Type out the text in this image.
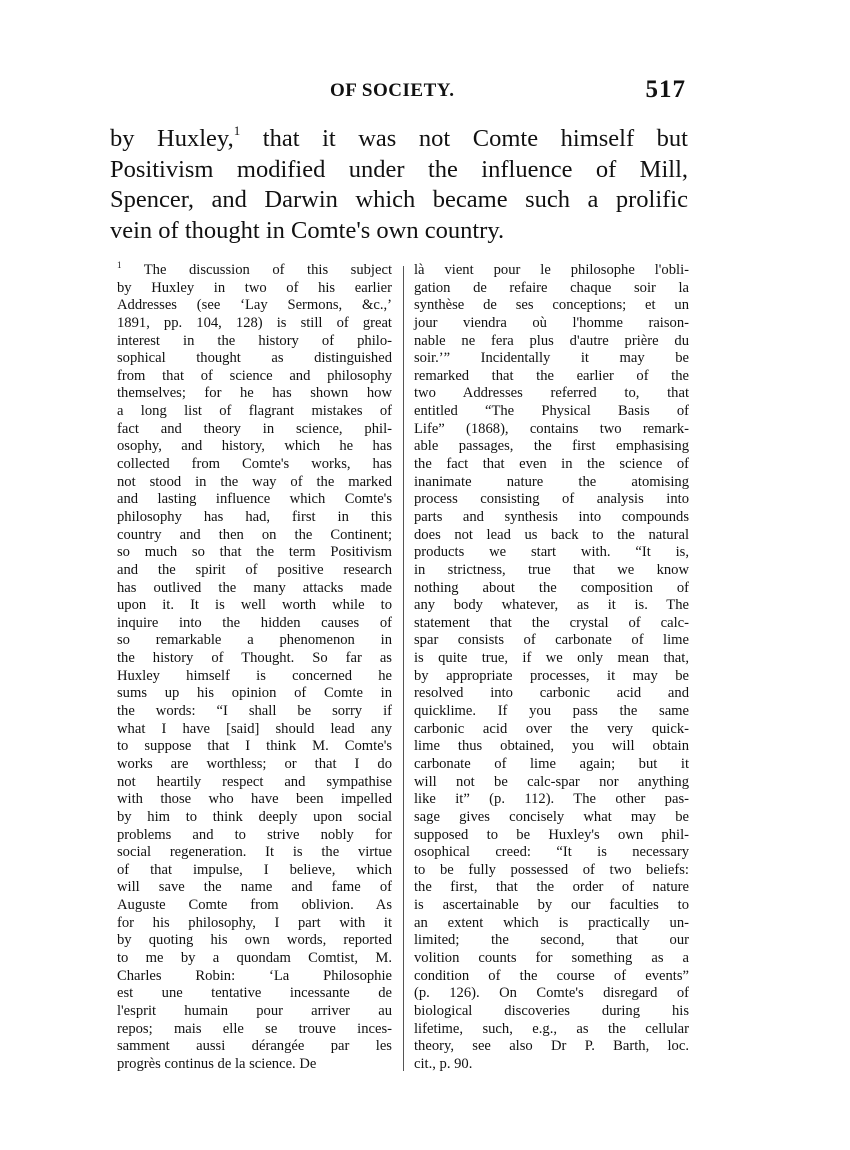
OF SOCIETY.	517
by Huxley,$^1$ that it was not Comte himself but
Positivism modified under the influence of Mill,
Spencer, and Darwin which became such a prolific
vein of thought in Comte's own country.
$^1$ The discussion of this subject
by Huxley in two of his earlier
Addresses (see ‘Lay Sermons, &c.,’
1891, pp. 104, 128) is still of great
interest in the history of philo-
sophical thought as distinguished
from that of science and philosophy
themselves; for he has shown how
a long list of flagrant mistakes of
fact and theory in science, phil-
osophy, and history, which he has
collected from Comte's works, has
not stood in the way of the marked
and lasting influence which Comte's
philosophy has had, first in this
country and then on the Continent;
so much so that the term Positivism
and the spirit of positive research
has outlived the many attacks made
upon it. It is well worth while to
inquire into the hidden causes of
so remarkable a phenomenon in
the history of Thought. So far as
Huxley himself is concerned he
sums up his opinion of Comte in
the words: “I shall be sorry if
what I have [said] should lead any
to suppose that I think M. Comte's
works are worthless; or that I do
not heartily respect and sympathise
with those who have been impelled
by him to think deeply upon social
problems and to strive nobly for
social regeneration. It is the virtue
of that impulse, I believe, which
will save the name and fame of
Auguste Comte from oblivion. As
for his philosophy, I part with it
by quoting his own words, reported
to me by a quondam Comtist, M.
Charles Robin: ‘La Philosophie
est une tentative incessante de
l'esprit humain pour arriver au
repos; mais elle se trouve inces-
samment aussi dérangée par les
progrès continus de la science. De
là vient pour le philosophe l'obli-
gation de refaire chaque soir la
synthèse de ses conceptions; et un
jour viendra où l'homme raison-
nable ne fera plus d'autre prière du
soir.’” Incidentally it may be
remarked that the earlier of the
two Addresses referred to, that
entitled “The Physical Basis of
Life” (1868), contains two remark-
able passages, the first emphasising
the fact that even in the science of
inanimate nature the atomising
process consisting of analysis into
parts and synthesis into compounds
does not lead us back to the natural
products we start with. “It is,
in strictness, true that we know
nothing about the composition of
any body whatever, as it is. The
statement that the crystal of calc-
spar consists of carbonate of lime
is quite true, if we only mean that,
by appropriate processes, it may be
resolved into carbonic acid and
quicklime. If you pass the same
carbonic acid over the very quick-
lime thus obtained, you will obtain
carbonate of lime again; but it
will not be calc-spar nor anything
like it” (p. 112). The other pas-
sage gives concisely what may be
supposed to be Huxley's own phil-
osophical creed: “It is necessary
to be fully possessed of two beliefs:
the first, that the order of nature
is ascertainable by our faculties to
an extent which is practically un-
limited; the second, that our
volition counts for something as a
condition of the course of events”
(p. 126). On Comte's disregard of
biological discoveries during his
lifetime, such, e.g., as the cellular
theory, see also Dr P. Barth, loc.
cit., p. 90.
